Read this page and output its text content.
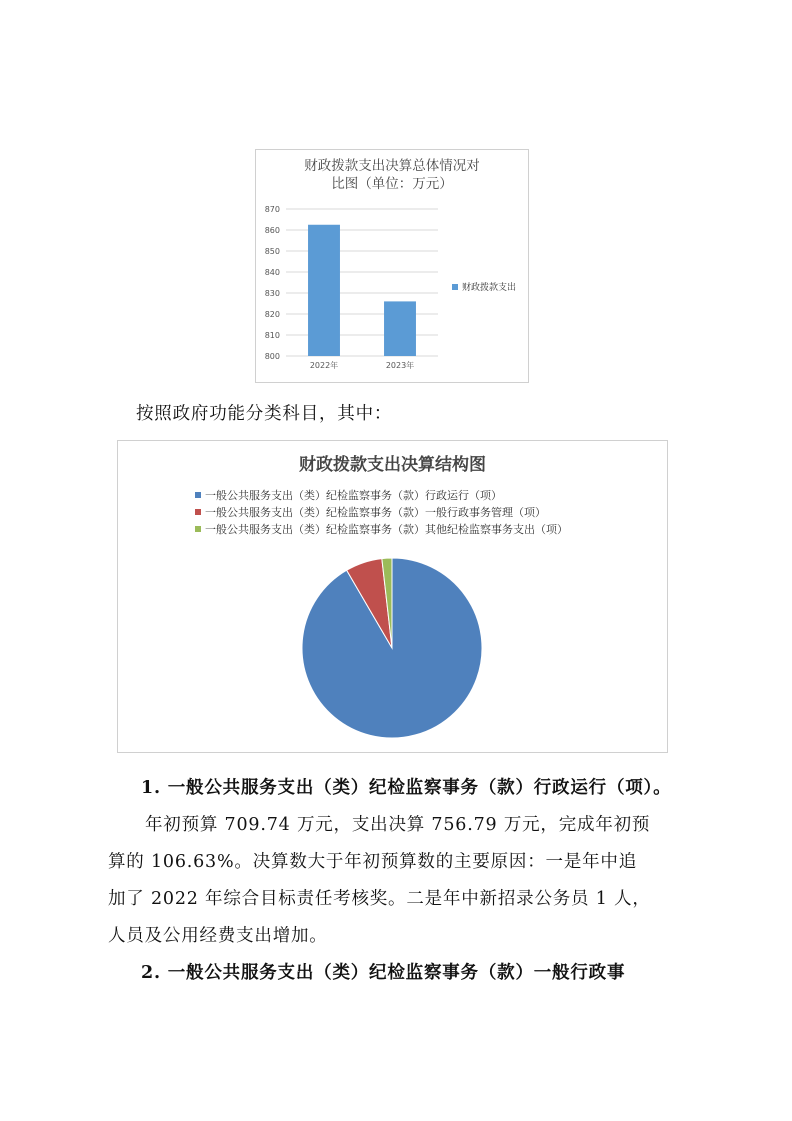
财政拨款支出决算总体情况对
比图（单位：万元）
800
810
820
830
840
850
860
870
2022年	2023年
财政拨款支出
按照政府功能分类科目，其中：
财政拨款支出决算结构图
一般公共服务支出（类）纪检监察事务（款）行政运行（项）
一般公共服务支出（类）纪检监察事务（款）一般行政事务管理（项）
一般公共服务支出（类）纪检监察事务（款）其他纪检监察事务支出（项）
1. 一般公共服务支出（类）纪检监察事务（款）行政运行（项）。
年初预算 709.74 万元，支出决算 756.79 万元，完成年初预
算的 106.63%。决算数大于年初预算数的主要原因：一是年中追
加了 2022 年综合目标责任考核奖。二是年中新招录公务员 1 人，
人员及公用经费支出增加。
2. 一般公共服务支出（类）纪检监察事务（款）一般行政事
